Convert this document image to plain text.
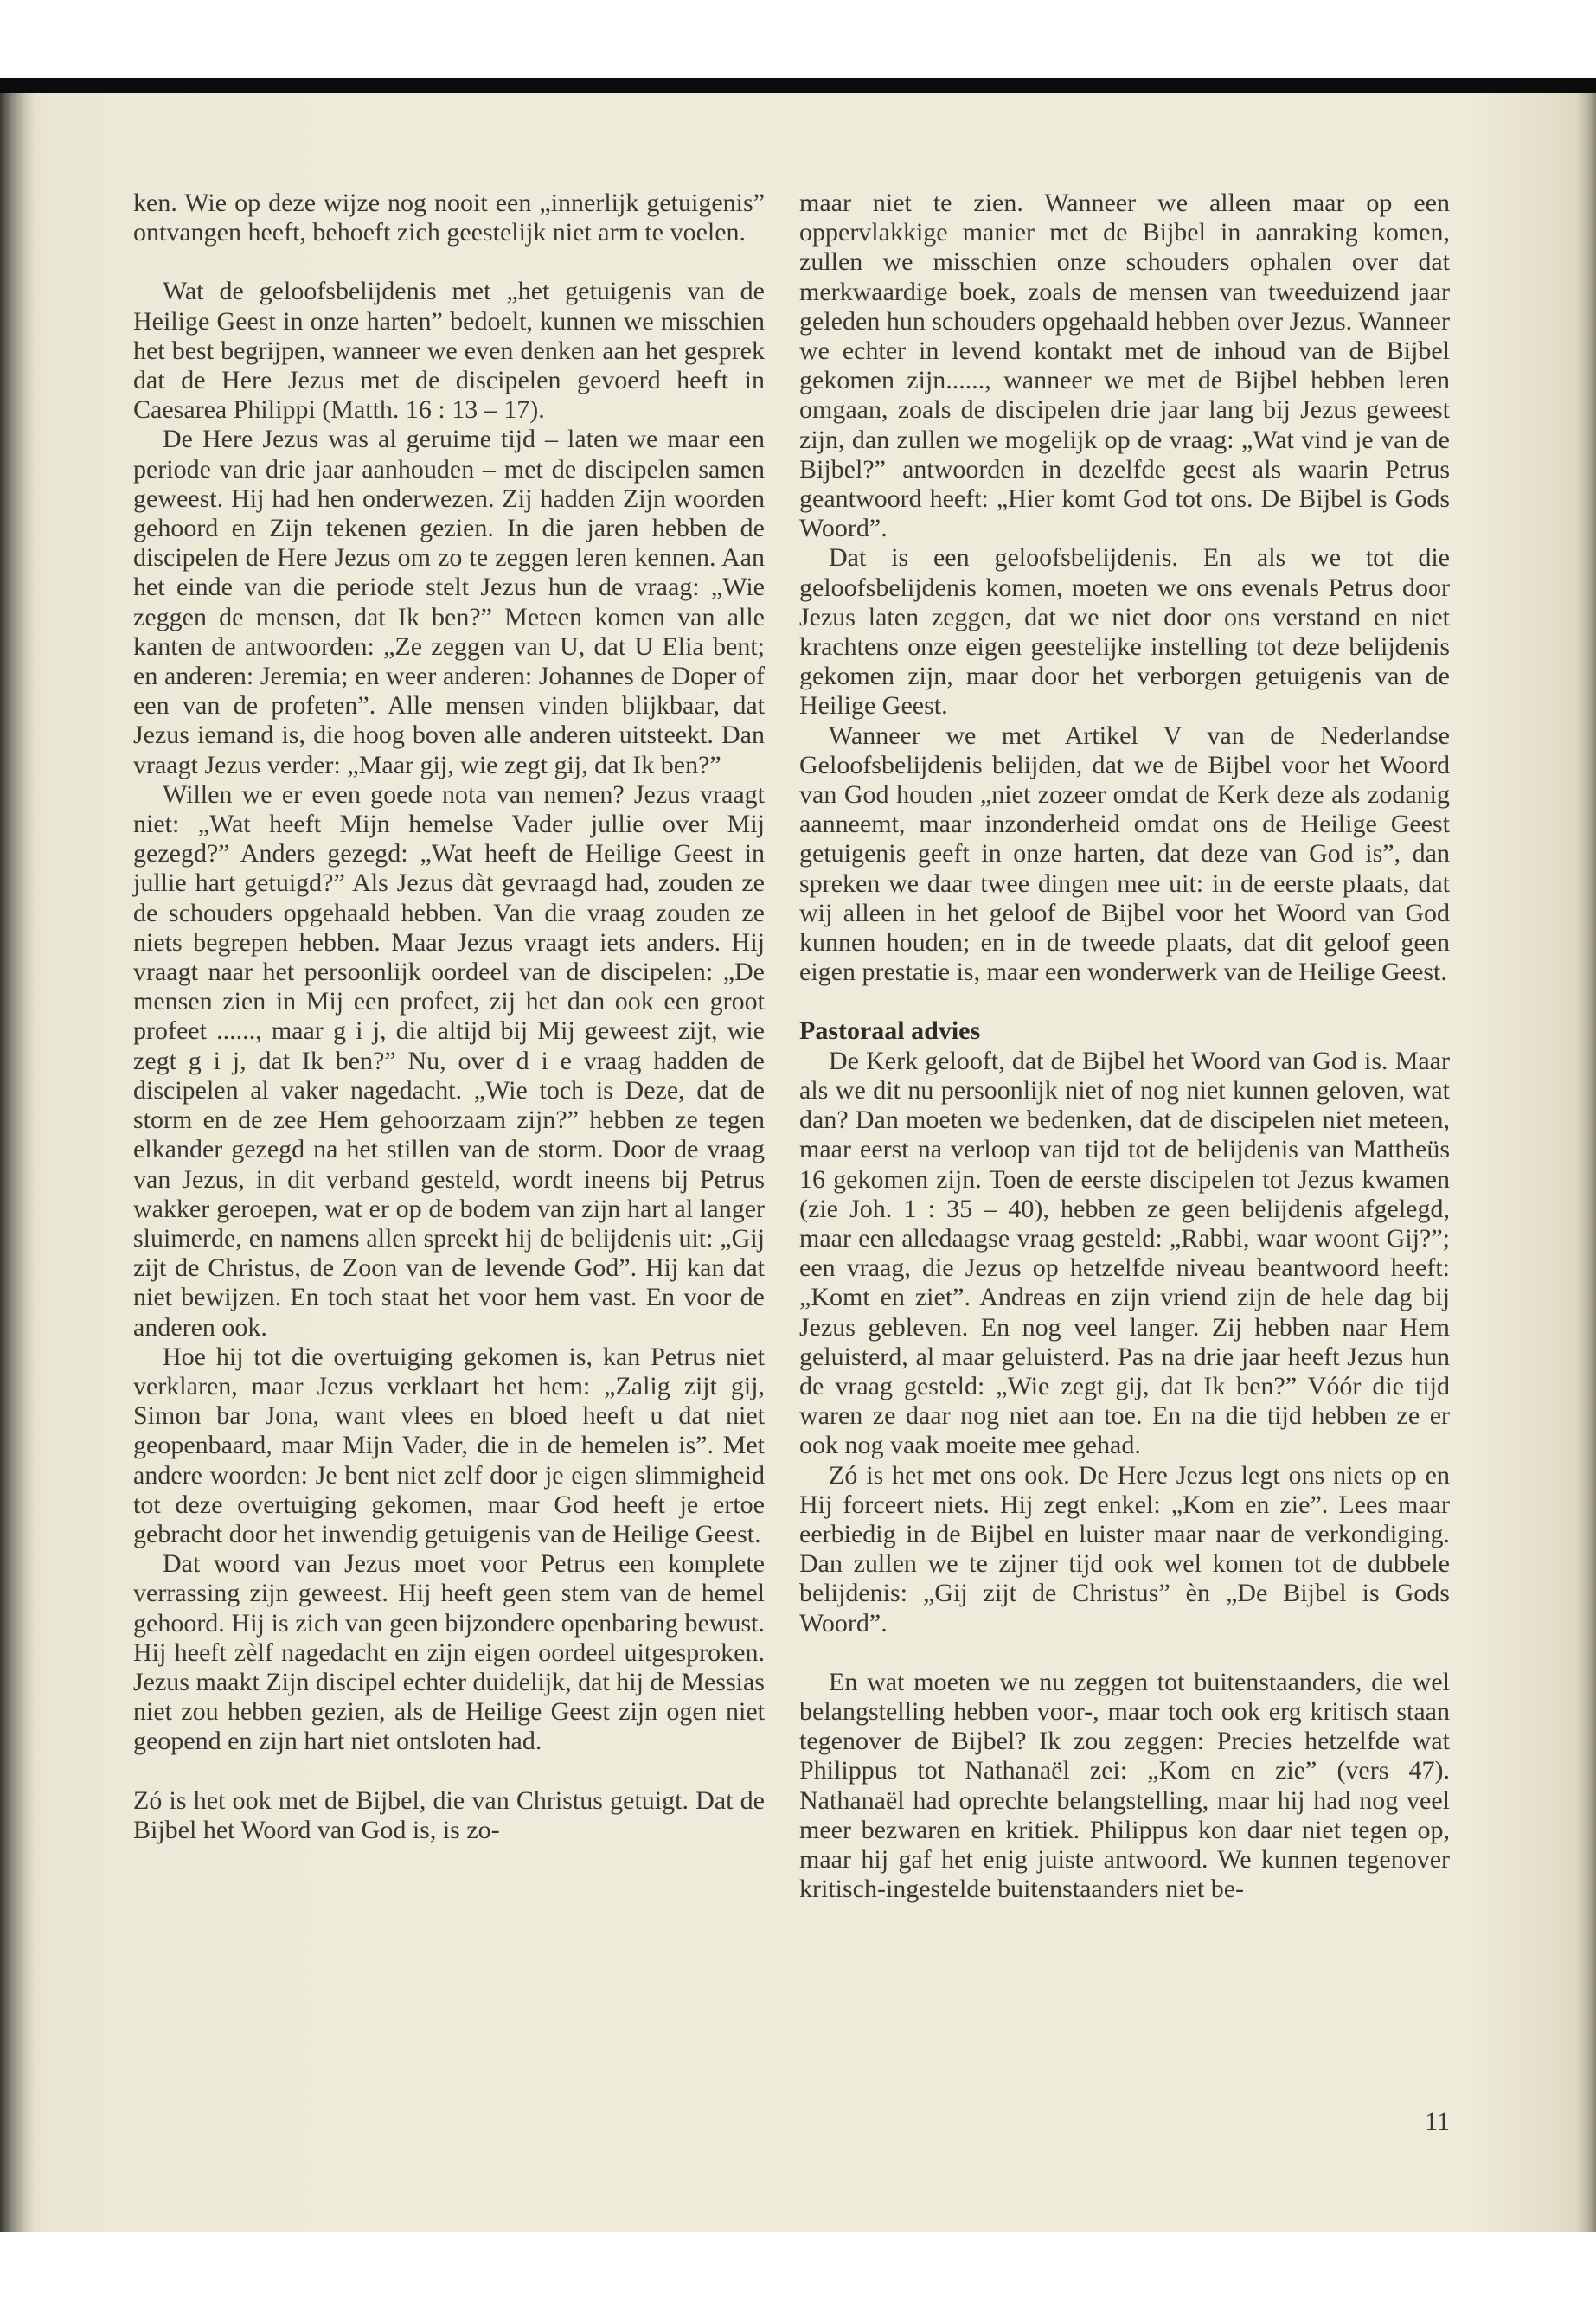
ken. Wie op deze wijze nog nooit een „innerlijk getuigenis” ontvangen heeft, behoeft zich geestelijk niet arm te voelen.

Wat de geloofsbelijdenis met „het getuigenis van de Heilige Geest in onze harten” bedoelt, kunnen we misschien het best begrijpen, wanneer we even denken aan het gesprek dat de Here Jezus met de discipelen gevoerd heeft in Caesarea Philippi (Matth. 16 : 13 – 17).

De Here Jezus was al geruime tijd – laten we maar een periode van drie jaar aanhouden – met de discipelen samen geweest. Hij had hen onderwezen. Zij hadden Zijn woorden gehoord en Zijn tekenen gezien. In die jaren hebben de discipelen de Here Jezus om zo te zeggen leren kennen. Aan het einde van die periode stelt Jezus hun de vraag: „Wie zeggen de mensen, dat Ik ben?” Meteen komen van alle kanten de antwoorden: „Ze zeggen van U, dat U Elia bent; en anderen: Jeremia; en weer anderen: Johannes de Doper of een van de profeten”. Alle mensen vinden blijkbaar, dat Jezus iemand is, die hoog boven alle anderen uitsteekt. Dan vraagt Jezus verder: „Maar gij, wie zegt gij, dat Ik ben?”

Willen we er even goede nota van nemen? Jezus vraagt niet: „Wat heeft Mijn hemelse Vader jullie over Mij gezegd?” Anders gezegd: „Wat heeft de Heilige Geest in jullie hart getuigd?” Als Jezus dàt gevraagd had, zouden ze de schouders opgehaald hebben. Van die vraag zouden ze niets begrepen hebben. Maar Jezus vraagt iets anders. Hij vraagt naar het persoonlijk oordeel van de discipelen: „De mensen zien in Mij een profeet, zij het dan ook een groot profeet ......, maar g i j, die altijd bij Mij geweest zijt, wie zegt g i j, dat Ik ben?” Nu, over d i e vraag hadden de discipelen al vaker nagedacht. „Wie toch is Deze, dat de storm en de zee Hem gehoorzaam zijn?” hebben ze tegen elkander gezegd na het stillen van de storm. Door de vraag van Jezus, in dit verband gesteld, wordt ineens bij Petrus wakker geroepen, wat er op de bodem van zijn hart al langer sluimerde, en namens allen spreekt hij de belijdenis uit: „Gij zijt de Christus, de Zoon van de levende God”. Hij kan dat niet bewijzen. En toch staat het voor hem vast. En voor de anderen ook.

Hoe hij tot die overtuiging gekomen is, kan Petrus niet verklaren, maar Jezus verklaart het hem: „Zalig zijt gij, Simon bar Jona, want vlees en bloed heeft u dat niet geopenbaard, maar Mijn Vader, die in de hemelen is”. Met andere woorden: Je bent niet zelf door je eigen slimmigheid tot deze overtuiging gekomen, maar God heeft je ertoe gebracht door het inwendig getuigenis van de Heilige Geest.

Dat woord van Jezus moet voor Petrus een komplete verrassing zijn geweest. Hij heeft geen stem van de hemel gehoord. Hij is zich van geen bijzondere openbaring bewust. Hij heeft zèlf nagedacht en zijn eigen oordeel uitgesproken. Jezus maakt Zijn discipel echter duidelijk, dat hij de Messias niet zou hebben gezien, als de Heilige Geest zijn ogen niet geopend en zijn hart niet ontsloten had.

Zó is het ook met de Bijbel, die van Christus getuigt. Dat de Bijbel het Woord van God is, is zo-

maar niet te zien. Wanneer we alleen maar op een oppervlakkige manier met de Bijbel in aanraking komen, zullen we misschien onze schouders ophalen over dat merkwaardige boek, zoals de mensen van tweeduizend jaar geleden hun schouders opgehaald hebben over Jezus. Wanneer we echter in levend kontakt met de inhoud van de Bijbel gekomen zijn......, wanneer we met de Bijbel hebben leren omgaan, zoals de discipelen drie jaar lang bij Jezus geweest zijn, dan zullen we mogelijk op de vraag: „Wat vind je van de Bijbel?” antwoorden in dezelfde geest als waarin Petrus geantwoord heeft: „Hier komt God tot ons. De Bijbel is Gods Woord”.

Dat is een geloofsbelijdenis. En als we tot die geloofsbelijdenis komen, moeten we ons evenals Petrus door Jezus laten zeggen, dat we niet door ons verstand en niet krachtens onze eigen geestelijke instelling tot deze belijdenis gekomen zijn, maar door het verborgen getuigenis van de Heilige Geest.

Wanneer we met Artikel V van de Nederlandse Geloofsbelijdenis belijden, dat we de Bijbel voor het Woord van God houden „niet zozeer omdat de Kerk deze als zodanig aanneemt, maar inzonderheid omdat ons de Heilige Geest getuigenis geeft in onze harten, dat deze van God is”, dan spreken we daar twee dingen mee uit: in de eerste plaats, dat wij alleen in het geloof de Bijbel voor het Woord van God kunnen houden; en in de tweede plaats, dat dit geloof geen eigen prestatie is, maar een wonderwerk van de Heilige Geest.

Pastoraal advies

De Kerk gelooft, dat de Bijbel het Woord van God is. Maar als we dit nu persoonlijk niet of nog niet kunnen geloven, wat dan? Dan moeten we bedenken, dat de discipelen niet meteen, maar eerst na verloop van tijd tot de belijdenis van Mattheüs 16 gekomen zijn. Toen de eerste discipelen tot Jezus kwamen (zie Joh. 1 : 35 – 40), hebben ze geen belijdenis afgelegd, maar een alledaagse vraag gesteld: „Rabbi, waar woont Gij?”; een vraag, die Jezus op hetzelfde niveau beantwoord heeft: „Komt en ziet”. Andreas en zijn vriend zijn de hele dag bij Jezus gebleven. En nog veel langer. Zij hebben naar Hem geluisterd, al maar geluisterd. Pas na drie jaar heeft Jezus hun de vraag gesteld: „Wie zegt gij, dat Ik ben?” Vóór die tijd waren ze daar nog niet aan toe. En na die tijd hebben ze er ook nog vaak moeite mee gehad.

Zó is het met ons ook. De Here Jezus legt ons niets op en Hij forceert niets. Hij zegt enkel: „Kom en zie”. Lees maar eerbiedig in de Bijbel en luister maar naar de verkondiging. Dan zullen we te zijner tijd ook wel komen tot de dubbele belijdenis: „Gij zijt de Christus” èn „De Bijbel is Gods Woord”.

En wat moeten we nu zeggen tot buitenstaanders, die wel belangstelling hebben voor-, maar toch ook erg kritisch staan tegenover de Bijbel? Ik zou zeggen: Precies hetzelfde wat Philippus tot Nathanaël zei: „Kom en zie” (vers 47). Nathanaël had oprechte belangstelling, maar hij had nog veel meer bezwaren en kritiek. Philippus kon daar niet tegen op, maar hij gaf het enig juiste antwoord. We kunnen tegenover kritisch-ingestelde buitenstaanders niet be-

11
